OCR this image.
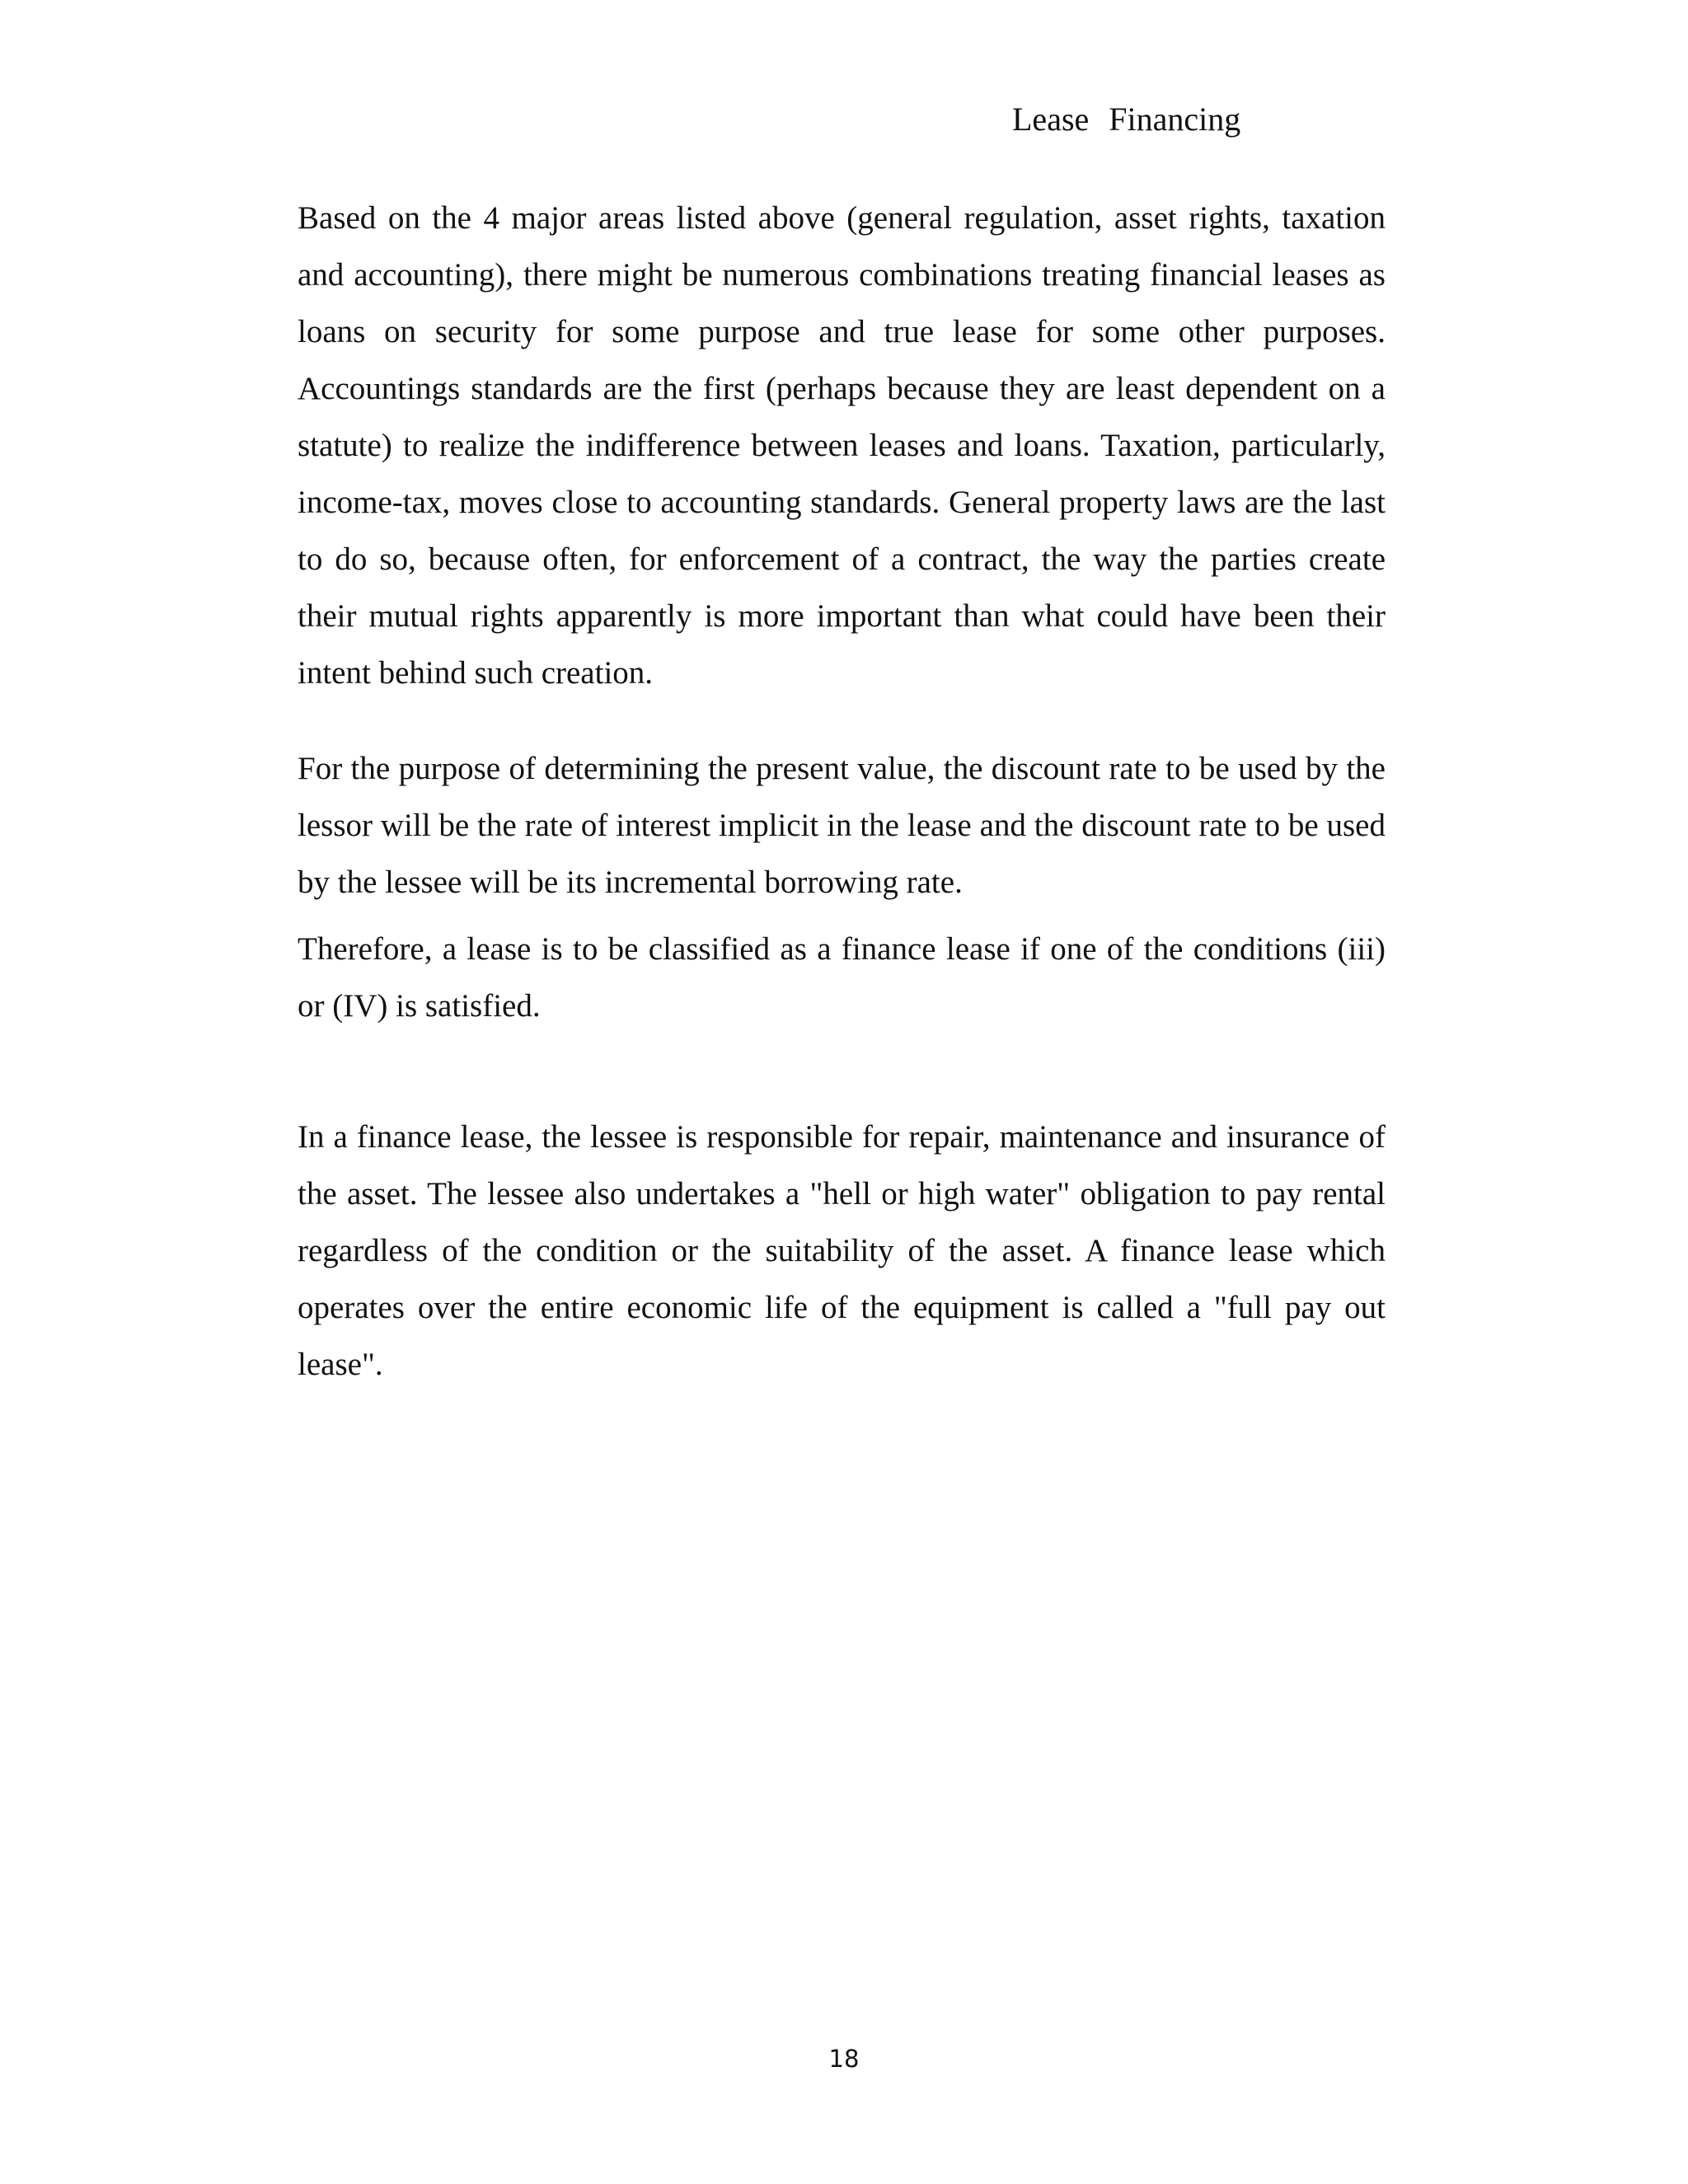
Lease Financing

Based on the 4 major areas listed above (general regulation, asset rights, taxation and accounting), there might be numerous combinations treating financial leases as loans on security for some purpose and true lease for some other purposes. Accountings standards are the first (perhaps because they are least dependent on a statute) to realize the indifference between leases and loans. Taxation, particularly, income-tax, moves close to accounting standards. General property laws are the last to do so, because often, for enforcement of a contract, the way the parties create their mutual rights apparently is more important than what could have been their intent behind such creation.

For the purpose of determining the present value, the discount rate to be used by the lessor will be the rate of interest implicit in the lease and the discount rate to be used by the lessee will be its incremental borrowing rate.

Therefore, a lease is to be classified as a finance lease if one of the conditions (iii) or (IV) is satisfied.

In a finance lease, the lessee is responsible for repair, maintenance and insurance of the asset. The lessee also undertakes a "hell or high water" obligation to pay rental regardless of the condition or the suitability of the asset. A finance lease which operates over the entire economic life of the equipment is called a "full pay out lease".

18
